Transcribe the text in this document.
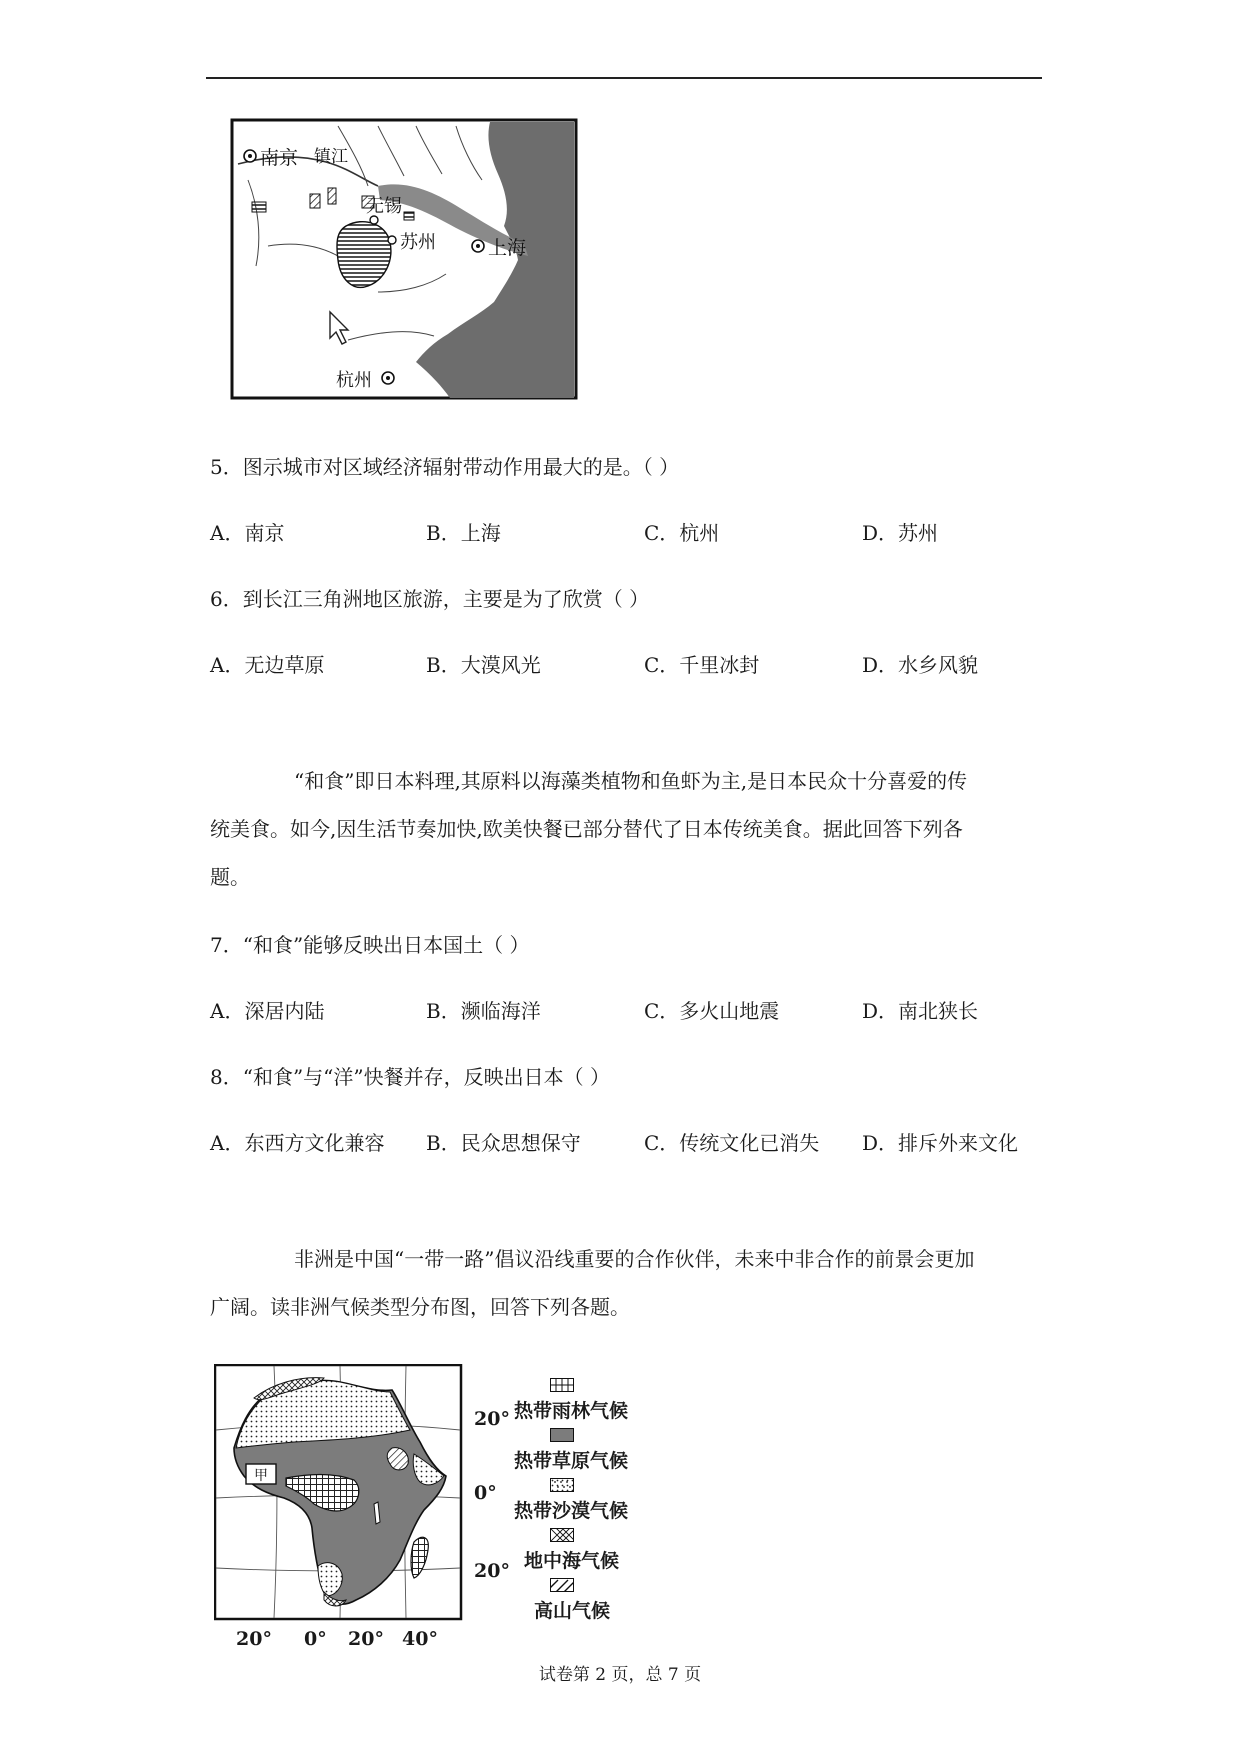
南京 镇江
无锡
苏州	上海
杭州
5．图示城市对区域经济辐射带动作用最大的是。（ ）
A．南京	B．上海	C．杭州	D．苏州
6．到长江三角洲地区旅游，主要是为了欣赏（ ）
A．无边草原	B．大漠风光	C．千里冰封	D．水乡风貌
“和食”即日本料理,其原料以海藻类植物和鱼虾为主,是日本民众十分喜爱的传
统美食。如今,因生活节奏加快,欧美快餐已部分替代了日本传统美食。据此回答下列各
题。
7．“和食”能够反映出日本国土（ ）
A．深居内陆	B．濒临海洋	C．多火山地震	D．南北狭长
8．“和食”与“洋”快餐并存，反映出日本（ ）
A．东西方文化兼容 B．民众思想保守	C．传统文化已消失 D．排斥外来文化
非洲是中国“一带一路”倡议沿线重要的合作伙伴，未来中非合作的前景会更加
广阔。读非洲气候类型分布图，回答下列各题。
甲
20°
0°
20°
20° 0° 20° 40°
热带雨林气候
热带草原气候
热带沙漠气候
地中海气候
高山气候
试卷第 2 页，总 7 页
